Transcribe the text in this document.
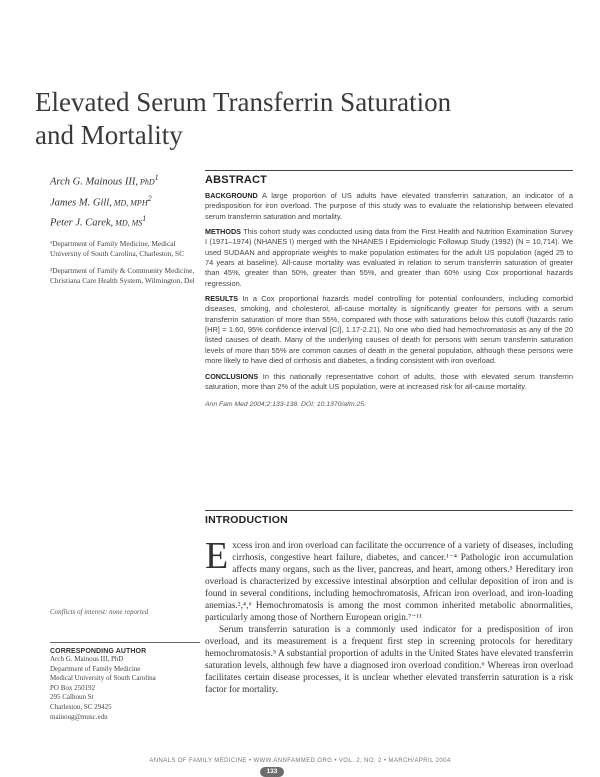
Elevated Serum Transferrin Saturation
and Mortality
Arch G. Mainous III, PhD$^1$
James M. Gill, MD, MPH$^2$
Peter J. Carek, MD, $MS^1$
¹Department of Family Medicine, Medical University of South Carolina, Charleston, SC
²Department of Family & Community Medicine, Christiana Care Health System, Wilmington, Del
Conflicts of interest: none reported
CORRESPONDING AUTHOR
Arch G. Mainous III, PhD
Department of Family Medicine
Medical University of South Carolina
PO Box 250192
295 Calhoun St
Charleston, SC 29425
mainoug@musc.edu
ABSTRACT

BACKGROUND A large proportion of US adults have elevated transferrin saturation, an indicator of a predisposition for iron overload. The purpose of this study was to evaluate the relationship between elevated serum transferrin saturation and mortality.

METHODS This cohort study was conducted using data from the First Health and Nutrition Examination Survey I (1971–1974) (NHANES I) merged with the NHANES I Epidemiologic Followup Study (1992) (N = 10,714). We used SUDAAN and appropriate weights to make population estimates for the adult US population (aged 25 to 74 years at baseline). All-cause mortality was evaluated in relation to serum transferrin saturation of greater than 45%, greater than 50%, greater than 55%, and greater than 60% using Cox proportional hazards regression.

RESULTS In a Cox proportional hazards model controlling for potential confounders, including comorbid diseases, smoking, and cholesterol, all-cause mortality is significantly greater for persons with a serum transferrin saturation of more than 55%, compared with those with saturations below this cutoff (hazards ratio [HR] = 1.60, 95% confidence interval [CI], 1.17-2.21). No one who died had hemochromatosis as any of the 20 listed causes of death. Many of the underlying causes of death for persons with serum transferrin saturation levels of more than 55% are common causes of death in the general population, although these persons were more likely to have died of cirrhosis and diabetes, a finding consistent with iron overload.

CONCLUSIONS In this nationally representative cohort of adults, those with elevated serum transferrin saturation, more than 2% of the adult US population, were at increased risk for all-cause mortality.

Ann Fam Med 2004;2:133-138. DOI: 10.1370/afm.25.
INTRODUCTION

Excess iron and iron overload can facilitate the occurrence of a variety of diseases, including cirrhosis, congestive heart failure, diabetes, and cancer.¹⁻⁴ Pathologic iron accumulation affects many organs, such as the liver, pancreas, and heart, among others.⁵ Hereditary iron overload is characterized by excessive intestinal absorption and cellular deposition of iron and is found in several conditions, including hemochromatosis, African iron overload, and iron-loading anemias.²,⁴,⁶ Hemochromatosis is among the most common inherited metabolic abnormalities, particularly among those of Northern European origin.⁷⁻¹¹

Serum transferrin saturation is a commonly used indicator for a predisposition of iron overload, and its measurement is a frequent first step in screening protocols for hereditary hemochromatosis.⁵ A substantial proportion of adults in the United States have elevated transferrin saturation levels, although few have a diagnosed iron overload condition.⁶ Whereas iron overload facilitates certain disease processes, it is unclear whether elevated transferrin saturation is a risk factor for mortality.

ANNALS OF FAMILY MEDICINE • WWW.ANNFAMMED.ORG • VOL. 2, NO. 2 • MARCH/APRIL 2004
133
